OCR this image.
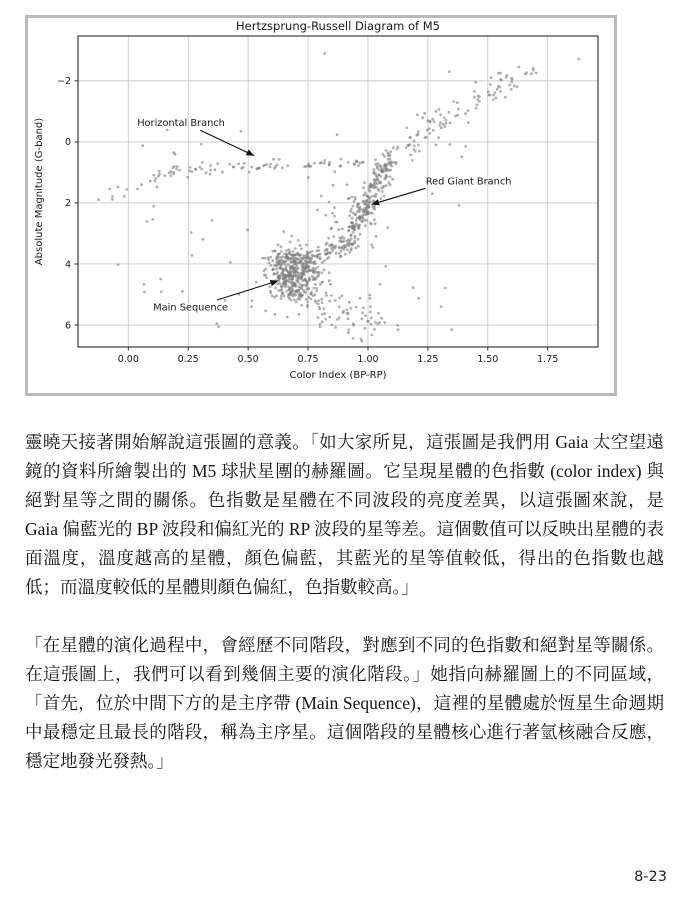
0.00	0.25	0.50	0.75	1.00	1.25	1.50	1.75
−2
0
2
4
6
Hertzsprung-Russell Diagram of M5
Color Index (BP-RP)
Absolute Magnitude (G-band)	Horizontal Branch
Red Giant Branch
Main Sequence

靈曉天接著開始解說這張圖的意義。「如大家所見，這張圖是我們用 Gaia 太空望遠鏡的資料所繪製出的 M5 球狀星團的赫羅圖。它呈現星體的色指數 (color index) 與絕對星等之間的關係。色指數是星體在不同波段的亮度差異，以這張圖來說，是 Gaia 偏藍光的 BP 波段和偏紅光的 RP 波段的星等差。這個數值可以反映出星體的表面溫度，溫度越高的星體，顏色偏藍，其藍光的星等值較低，得出的色指數也越低；而溫度較低的星體則顏色偏紅，色指數較高。」

「在星體的演化過程中，會經歷不同階段，對應到不同的色指數和絕對星等關係。在這張圖上，我們可以看到幾個主要的演化階段。」她指向赫羅圖上的不同區域，「首先，位於中間下方的是主序帶 (Main Sequence)，這裡的星體處於恆星生命週期中最穩定且最長的階段，稱為主序星。這個階段的星體核心進行著氫核融合反應，穩定地發光發熱。」

8-23
